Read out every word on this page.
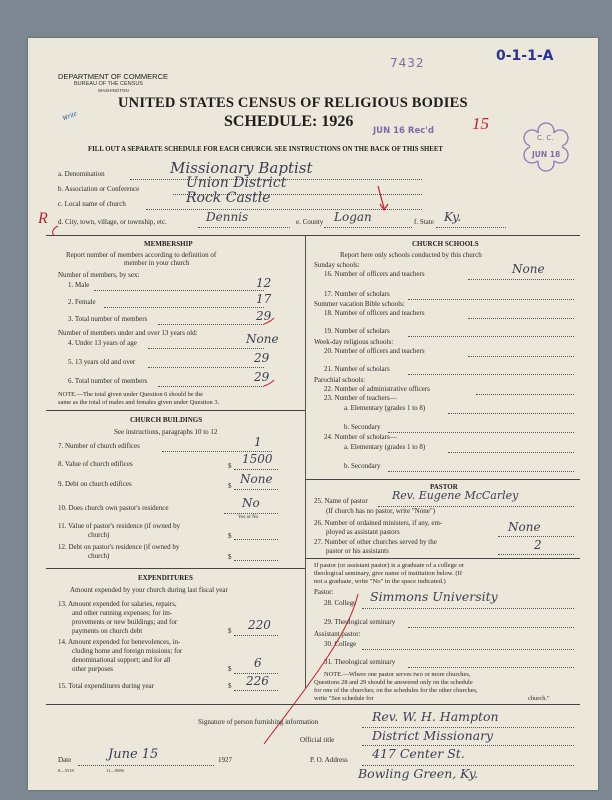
7432	0-1-1-A
DEPARTMENT OF COMMERCE
BUREAU OF THE CENSUS
WASHINGTON
Write
UNITED STATES CENSUS OF RELIGIOUS BODIES
SCHEDULE: 1926
JUN 16 Rec'd 15
C. C.
JUN 18
FILL OUT A SEPARATE SCHEDULE FOR EACH CHURCH. SEE INSTRUCTIONS ON THE BACK OF THIS SHEET
a. Denomination	Missionary Baptist
b. Association or Conference	Union District
c. Local name of church	Rock Castle
R d. City, town, village, or township, etc.	Dennis	e. County Logan	f. State Ky.
MEMBERSHIP
Report number of members according to definition of
member in your church
Number of members, by sex:
1. Male	12
2. Female	17
3. Total number of members	29
Number of members under and over 13 years old:
4. Under 13 years of age	None
5. 13 years old and over	29
6. Total number of members	29
NOTE.—The total given under Question 6 should be the
same as the total of males and females given under Question 3.
CHURCH BUILDINGS
See instructions, paragraphs 10 to 12
7. Number of church edifices	1
8. Value of church edifices	$ 1500
9. Debt on church edifices	$ None
10. Does church own pastor's residence	No
Yes or No
11. Value of pastor's residence (if owned by
church)	$
12. Debt on pastor's residence (if owned by
church)	$
EXPENDITURES
Amount expended by your church during last fiscal year
13. Amount expended for salaries, repairs,
and other running expenses; for im-
provements or new buildings; and for
payments on church debt	$ 220
14. Amount expended for benevolences, in-
cluding home and foreign missions; for
denominational support; and for all
other purposes	$ 6
15. Total expenditures during year	$ 226
CHURCH SCHOOLS
Report here only schools conducted by this church
Sunday schools:
16. Number of officers and teachers	None
17. Number of scholars
Summer vacation Bible schools:
18. Number of officers and teachers
19. Number of scholars
Week-day religious schools:
20. Number of officers and teachers
21. Number of scholars
Parochial schools:
22. Number of administrative officers
23. Number of teachers—
a. Elementary (grades 1 to 8)
b. Secondary
24. Number of scholars—
a. Elementary (grades 1 to 8)
b. Secondary
PASTOR
25. Name of pastor Rev. Eugene McCarley
(If church has no pastor, write "None")
26. Number of ordained ministers, if any, em-
ployed as assistant pastors	None
27. Number of other churches served by the
pastor or his assistants	2
If pastor (or assistant pastor) is a graduate of a college or
theological seminary, give name of institution below. (If
not a graduate, write "No" in the space indicated.)
Pastor:
28. College Simmons University
29. Theological seminary
Assistant pastor:
30. College
31. Theological seminary
NOTE.—Where one pastor serves two or more churches,
Questions 28 and 29 should be answered only on the schedule
for one of the churches; on the schedules for the other churches,
write "See schedule for	church."
Signature of person furnishing information	Rev. W. H. Hampton
Official title	District Missionary
Date	June 15	1927	P. O. Address 417 Center St.
Bowling Green, Ky.
8—5518	11—9086
